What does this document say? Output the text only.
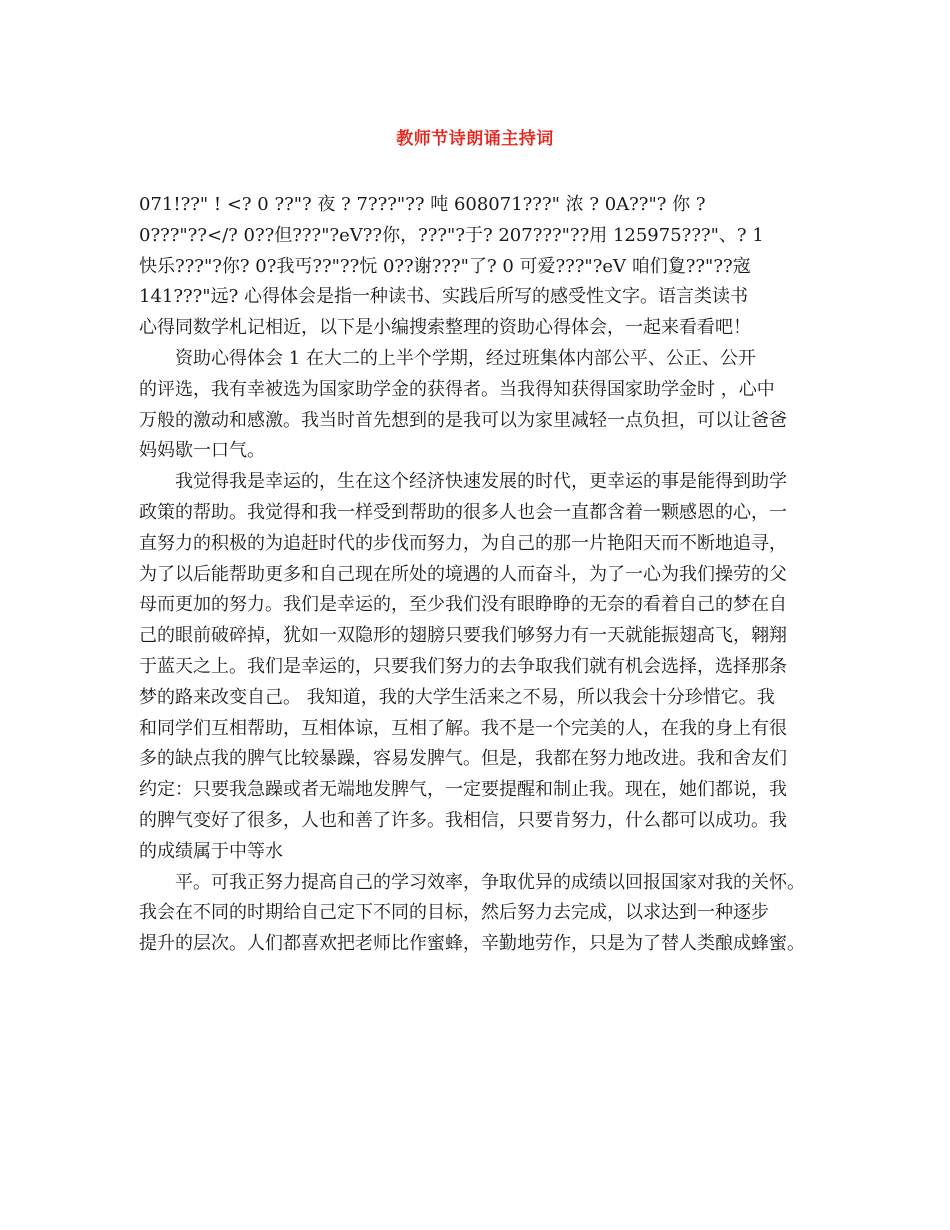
教师节诗朗诵主持词
071!??" ! <? 0 ??"? 夜 ? 7???"?? 吨 608071???" 浓 ? 0A??"? 你 ?
0???"??</? 0??但???"?eV??你，???"?于? 207???"??用 125975???"、? 1
快乐???"?你? 0?我丐??"??忨 0??谢???"了? 0 可爱???"?eV 咱们夐??"??宼
141???"远? 心得体会是指一种读书、实践后所写的感受性文字。语言类读书
心得同数学札记相近，以下是小编搜索整理的资助心得体会，一起来看看吧！
资助心得体会 1 在大二的上半个学期，经过班集体内部公平、公正、公开
的评选，我有幸被选为国家助学金的获得者。当我得知获得国家助学金时 ，心中
万般的激动和感激。我当时首先想到的是我可以为家里减轻一点负担，可以让爸爸
妈妈歇一口气。
我觉得我是幸运的，生在这个经济快速发展的时代，更幸运的事是能得到助学
政策的帮助。我觉得和我一样受到帮助的很多人也会一直都含着一颗感恩的心，一
直努力的积极的为追赶时代的步伐而努力，为自己的那一片艳阳天而不断地追寻，
为了以后能帮助更多和自己现在所处的境遇的人而奋斗，为了一心为我们操劳的父
母而更加的努力。我们是幸运的，至少我们没有眼睁睁的无奈的看着自己的梦在自
己的眼前破碎掉，犹如一双隐形的翅膀只要我们够努力有一天就能振翅高飞，翱翔
于蓝天之上。我们是幸运的，只要我们努力的去争取我们就有机会选择，选择那条
梦的路来改变自己。 我知道，我的大学生活来之不易，所以我会十分珍惜它。我
和同学们互相帮助，互相体谅，互相了解。我不是一个完美的人，在我的身上有很
多的缺点我的脾气比较暴躁，容易发脾气。但是，我都在努力地改进。我和舍友们
约定：只要我急躁或者无端地发脾气，一定要提醒和制止我。现在，她们都说，我
的脾气变好了很多，人也和善了许多。我相信，只要肯努力，什么都可以成功。我
的成绩属于中等水
平。可我正努力提高自己的学习效率，争取优异的成绩以回报国家对我的关怀。
我会在不同的时期给自己定下不同的目标，然后努力去完成，以求达到一种逐步
提升的层次。人们都喜欢把老师比作蜜蜂，辛勤地劳作，只是为了替人类酿成蜂蜜。
